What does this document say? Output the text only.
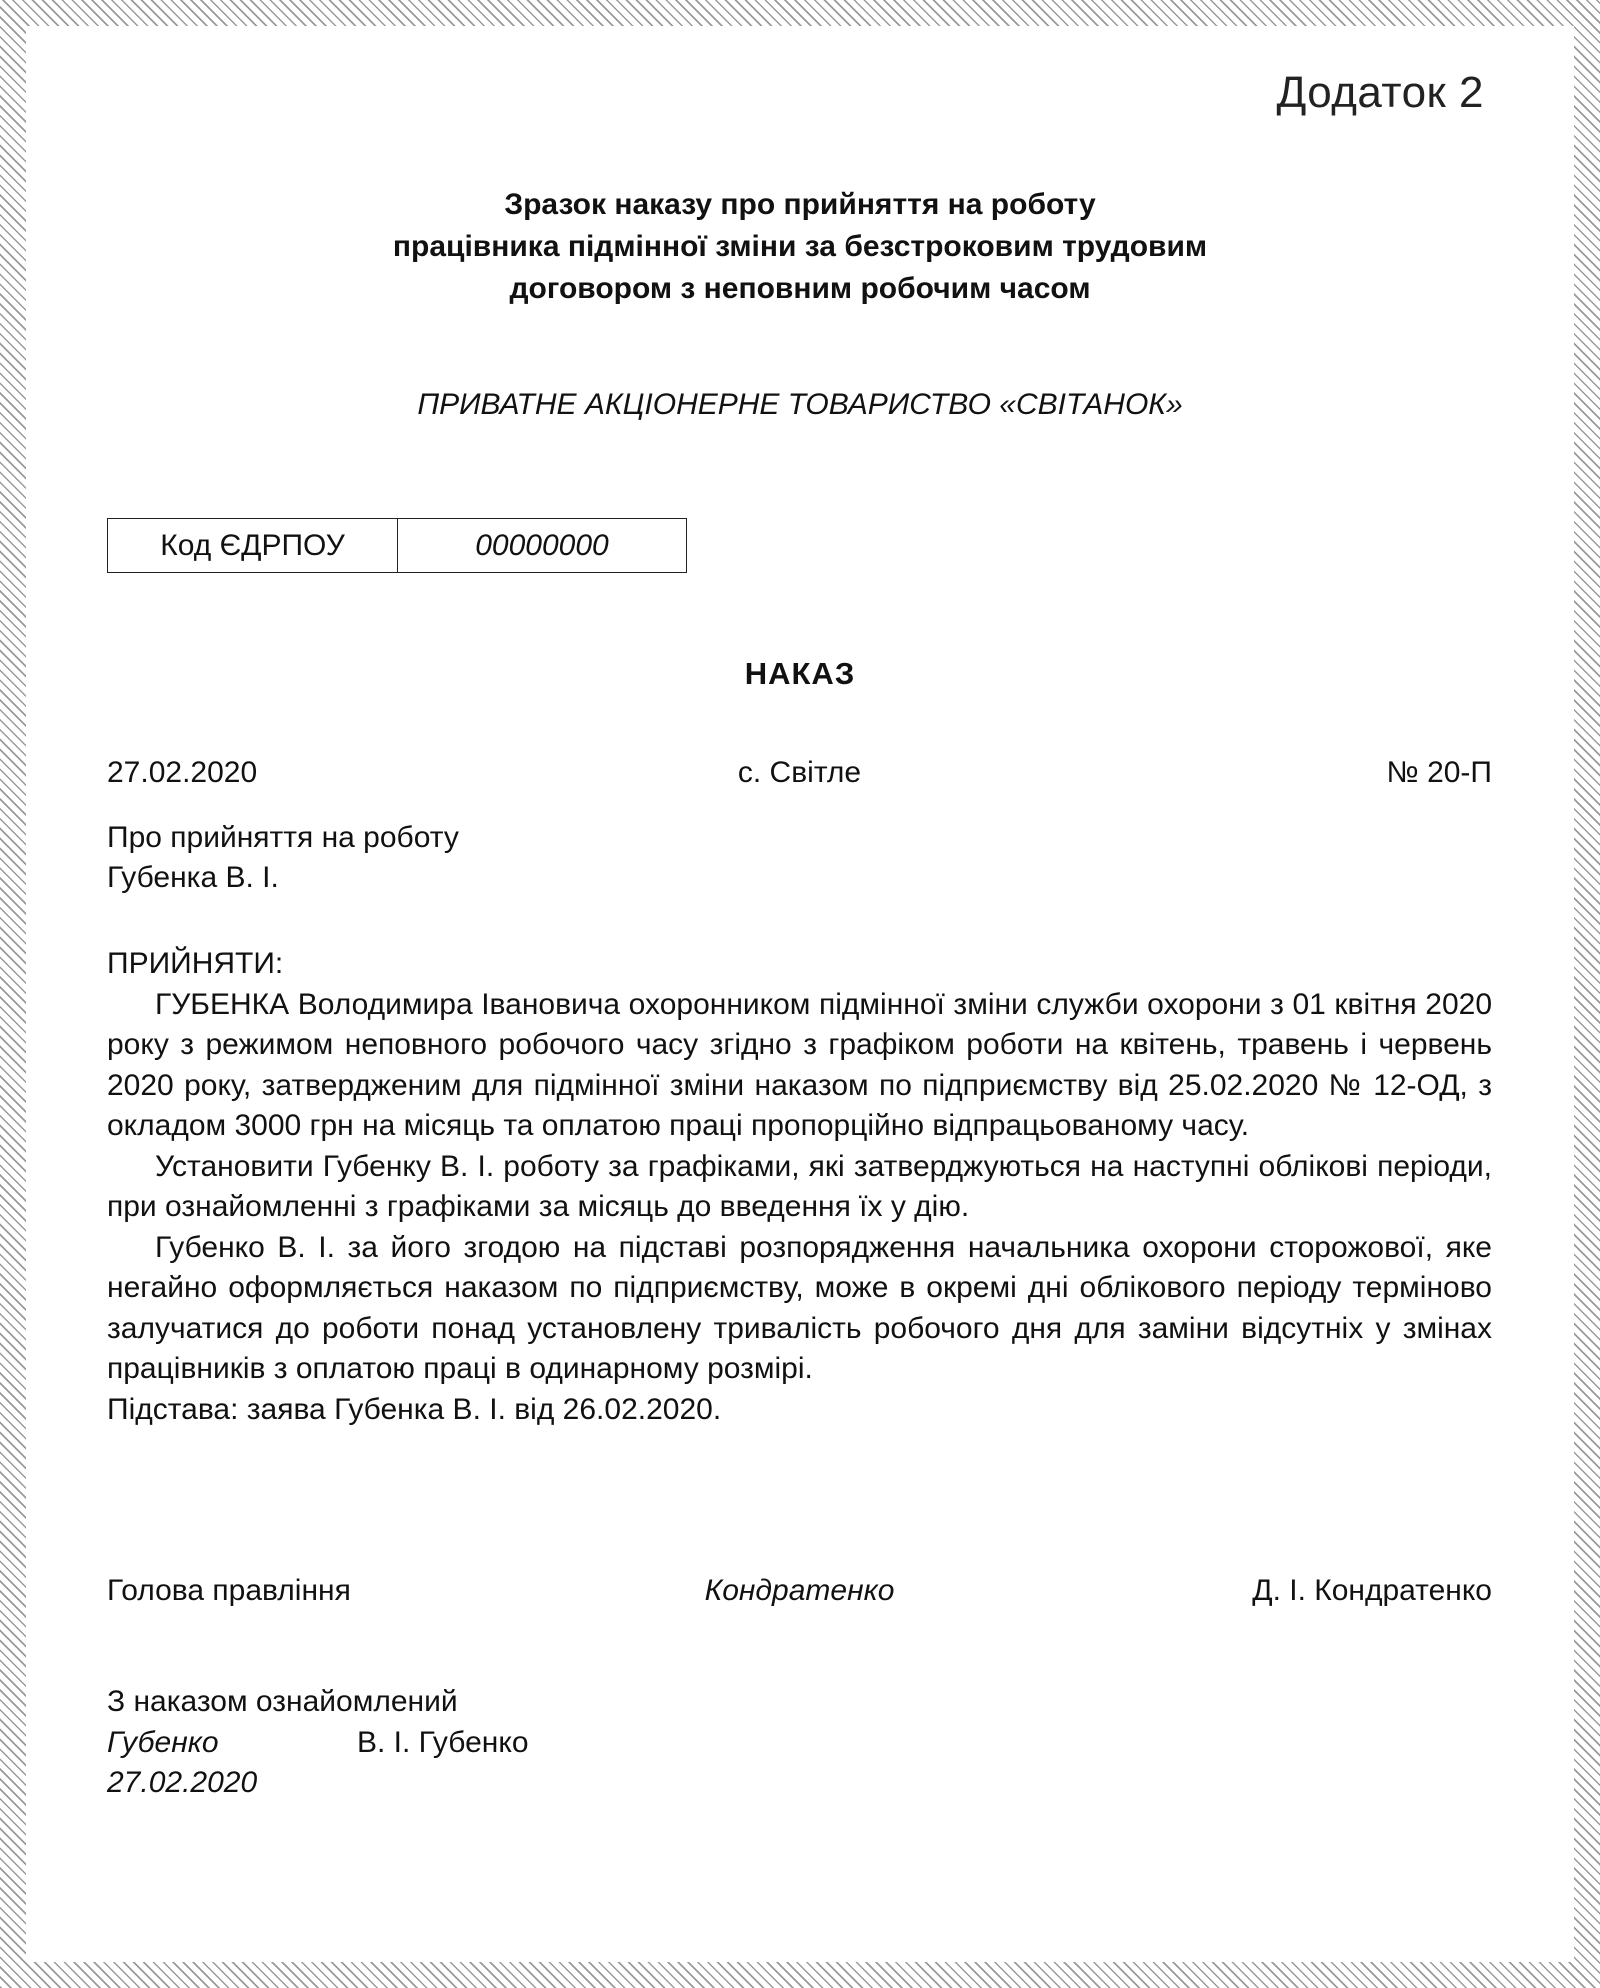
Додаток 2
Зразок наказу про прийняття на роботу
працівника підмінної зміни за безстроковим трудовим
договором з неповним робочим часом
ПРИВАТНЕ АКЦІОНЕРНЕ ТОВАРИСТВО «СВІТАНОК»
Код ЄДРПОУ	00000000
НАКАЗ
27.02.2020	с. Світле	№ 20-П
Про прийняття на роботу
Губенка В. І.

ПРИЙНЯТИ:

ГУБЕНКА Володимира Івановича охоронником підмінної зміни служби охорони з 01 квітня 2020 року з режимом неповного робочого часу згідно з графіком роботи на квітень, травень і червень 2020 року, затвердженим для підмінної зміни наказом по підприємству від 25.02.2020 № 12-ОД, з окладом 3000 грн на місяць та оплатою праці пропорційно відпрацьованому часу.

Установити Губенку В. І. роботу за графіками, які затверджуються на наступні облікові періоди, при ознайомленні з графіками за місяць до введення їх у дію.

Губенко В. І. за його згодою на підставі розпорядження начальника охорони сторожової, яке негайно оформляється наказом по підприємству, може в окремі дні облікового періоду терміново залучатися до роботи понад установлену тривалість робочого дня для заміни відсутніх у змінах працівників з оплатою праці в одинарному розмірі.

Підстава: заява Губенка В. І. від 26.02.2020.

Голова правління	Кондратенко	Д. І. Кондратенко
З наказом ознайомлений
Губенко	В. І. Губенко
27.02.2020
